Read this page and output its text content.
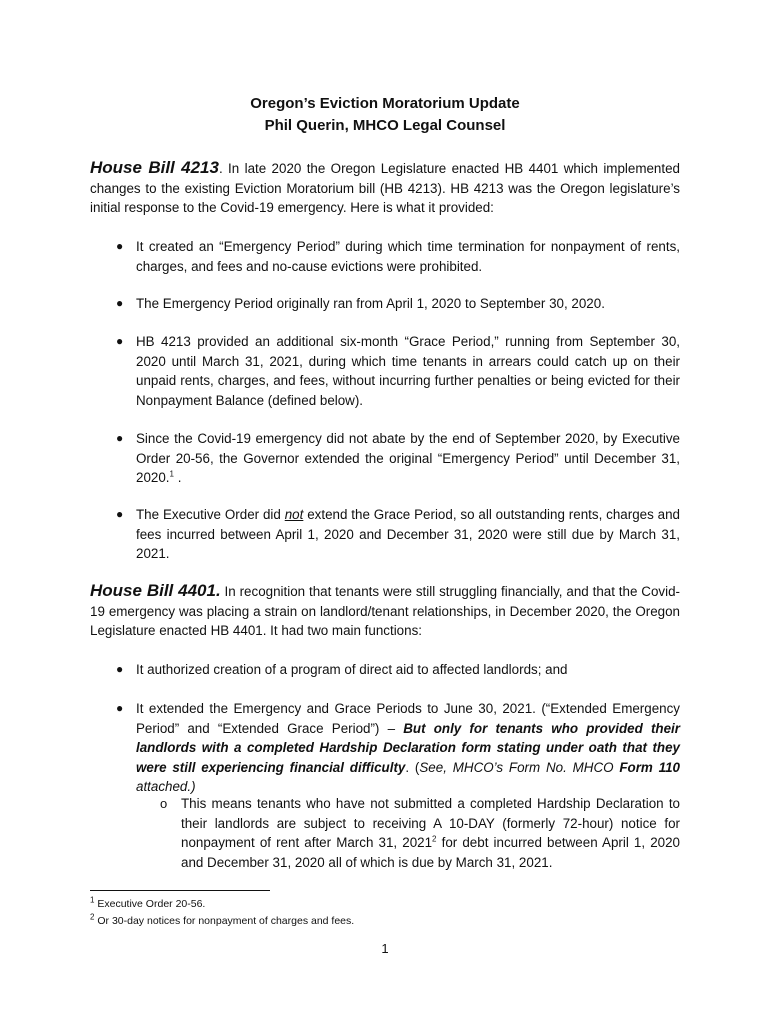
Oregon’s Eviction Moratorium Update
Phil Querin, MHCO Legal Counsel
House Bill 4213. In late 2020 the Oregon Legislature enacted HB 4401 which implemented changes to the existing Eviction Moratorium bill (HB 4213). HB 4213 was the Oregon legislature’s initial response to the Covid-19 emergency. Here is what it provided:
● It created an “Emergency Period” during which time termination for nonpayment of rents, charges, and fees and no-cause evictions were prohibited.
● The Emergency Period originally ran from April 1, 2020 to September 30, 2020.
● HB 4213 provided an additional six-month “Grace Period,” running from September 30, 2020 until March 31, 2021, during which time tenants in arrears could catch up on their unpaid rents, charges, and fees, without incurring further penalties or being evicted for their Nonpayment Balance (defined below).
● Since the Covid-19 emergency did not abate by the end of September 2020, by Executive Order 20-56, the Governor extended the original “Emergency Period” until December 31, 2020.$^1$ .
● The Executive Order did not extend the Grace Period, so all outstanding rents, charges and fees incurred between April 1, 2020 and December 31, 2020 were still due by March 31, 2021.
House Bill 4401. In recognition that tenants were still struggling financially, and that the Covid-19 emergency was placing a strain on landlord/tenant relationships, in December 2020, the Oregon Legislature enacted HB 4401. It had two main functions:
● It authorized creation of a program of direct aid to affected landlords; and
● It extended the Emergency and Grace Periods to June 30, 2021. (“Extended Emergency Period” and “Extended Grace Period”) – But only for tenants who provided their landlords with a completed Hardship Declaration form stating under oath that they were still experiencing financial difficulty. (See, MHCO’s Form No. MHCO Form 110 attached.)
o This means tenants who have not submitted a completed Hardship Declaration to their landlords are subject to receiving A 10-DAY (formerly 72-hour) notice for nonpayment of rent after March 31, 2021$^2$ for debt incurred between April 1, 2020 and December 31, 2020 all of which is due by March 31, 2021.
$^1$ Executive Order 20-56.
$^2$ Or 30-day notices for nonpayment of charges and fees.
1
